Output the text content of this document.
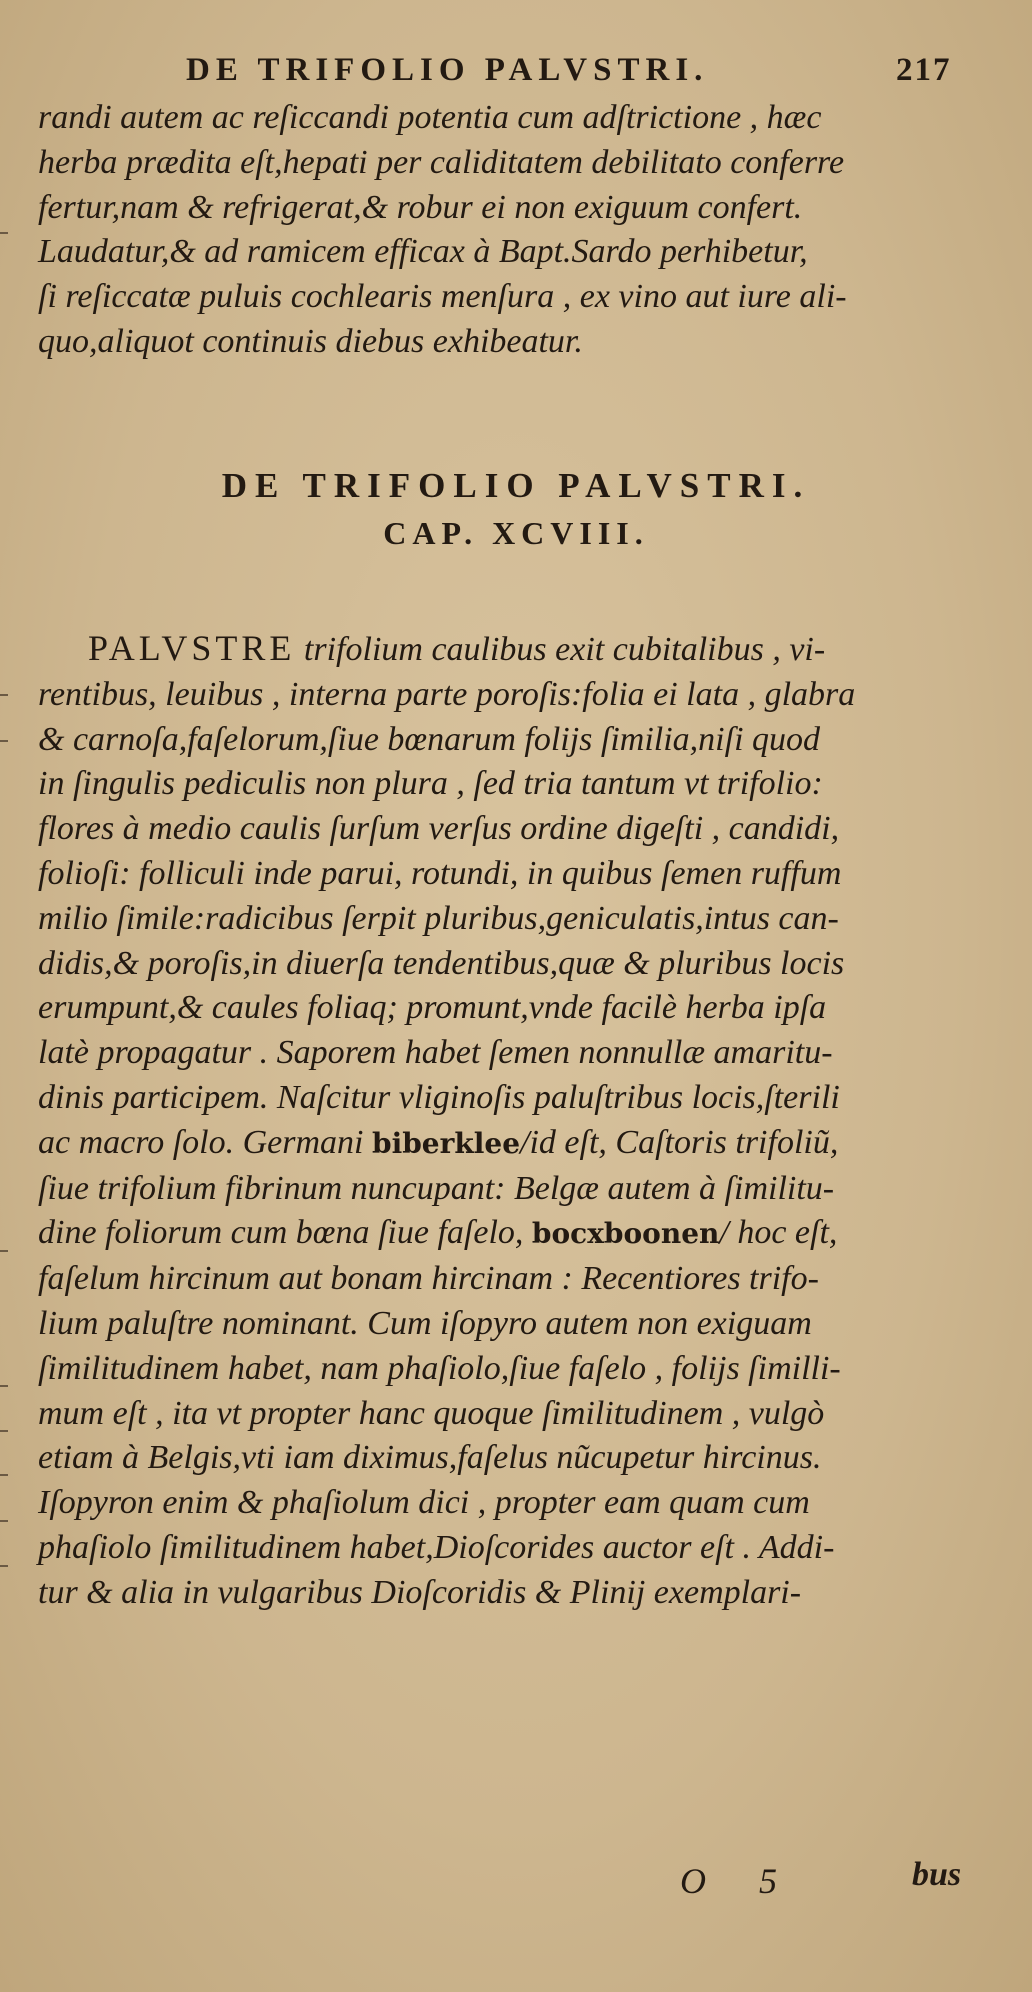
DE TRIFOLIO PALVSTRI.	217
randi autem ac reſiccandi potentia cum adſtrictione , hæc
herba prædita eſt,hepati per caliditatem debilitato conferre
fertur,nam & refrigerat,& robur ei non exiguum confert.
Laudatur,& ad ramicem efficax à Bapt.Sardo perhibetur,
ſi reſiccatæ puluis cochlearis menſura , ex vino aut iure ali-
quo,aliquot continuis diebus exhibeatur.
DE TRIFOLIO PALVSTRI.
CAP. XCVIII.
PALVSTRE trifolium caulibus exit cubitalibus , vi-
rentibus, leuibus , interna parte poroſis:folia ei lata , glabra
& carnoſa,faſelorum,ſiue bœnarum folijs ſimilia,niſi quod
in ſingulis pediculis non plura , ſed tria tantum vt trifolio:
flores à medio caulis ſurſum verſus ordine digeſti , candidi,
folioſi: folliculi inde parui, rotundi, in quibus ſemen ruffum
milio ſimile:radicibus ſerpit pluribus,geniculatis,intus can-
didis,& poroſis,in diuerſa tendentibus,quæ & pluribus locis
erumpunt,& caules foliaq; promunt,vnde facilè herba ipſa
latè propagatur . Saporem habet ſemen nonnullæ amaritu-
dinis participem. Naſcitur vliginoſis paluſtribus locis,ſterili
ac macro ſolo. Germani biberklee/id eſt, Caſtoris trifoliũ,
ſiue trifolium fibrinum nuncupant: Belgæ autem à ſimilitu-
dine foliorum cum bœna ſiue faſelo, bocxboonen/ hoc eſt,
faſelum hircinum aut bonam hircinam : Recentiores trifo-
lium paluſtre nominant. Cum iſopyro autem non exiguam
ſimilitudinem habet, nam phaſiolo,ſiue faſelo , folijs ſimilli-
mum eſt , ita vt propter hanc quoque ſimilitudinem , vulgò
etiam à Belgis,vti iam diximus,faſelus nũcupetur hircinus.
Iſopyron enim & phaſiolum dici , propter eam quam cum
phaſiolo ſimilitudinem habet,Dioſcorides auctor eſt . Addi-
tur & alia in vulgaribus Dioſcoridis & Plinij exemplari-
O 5	bus
